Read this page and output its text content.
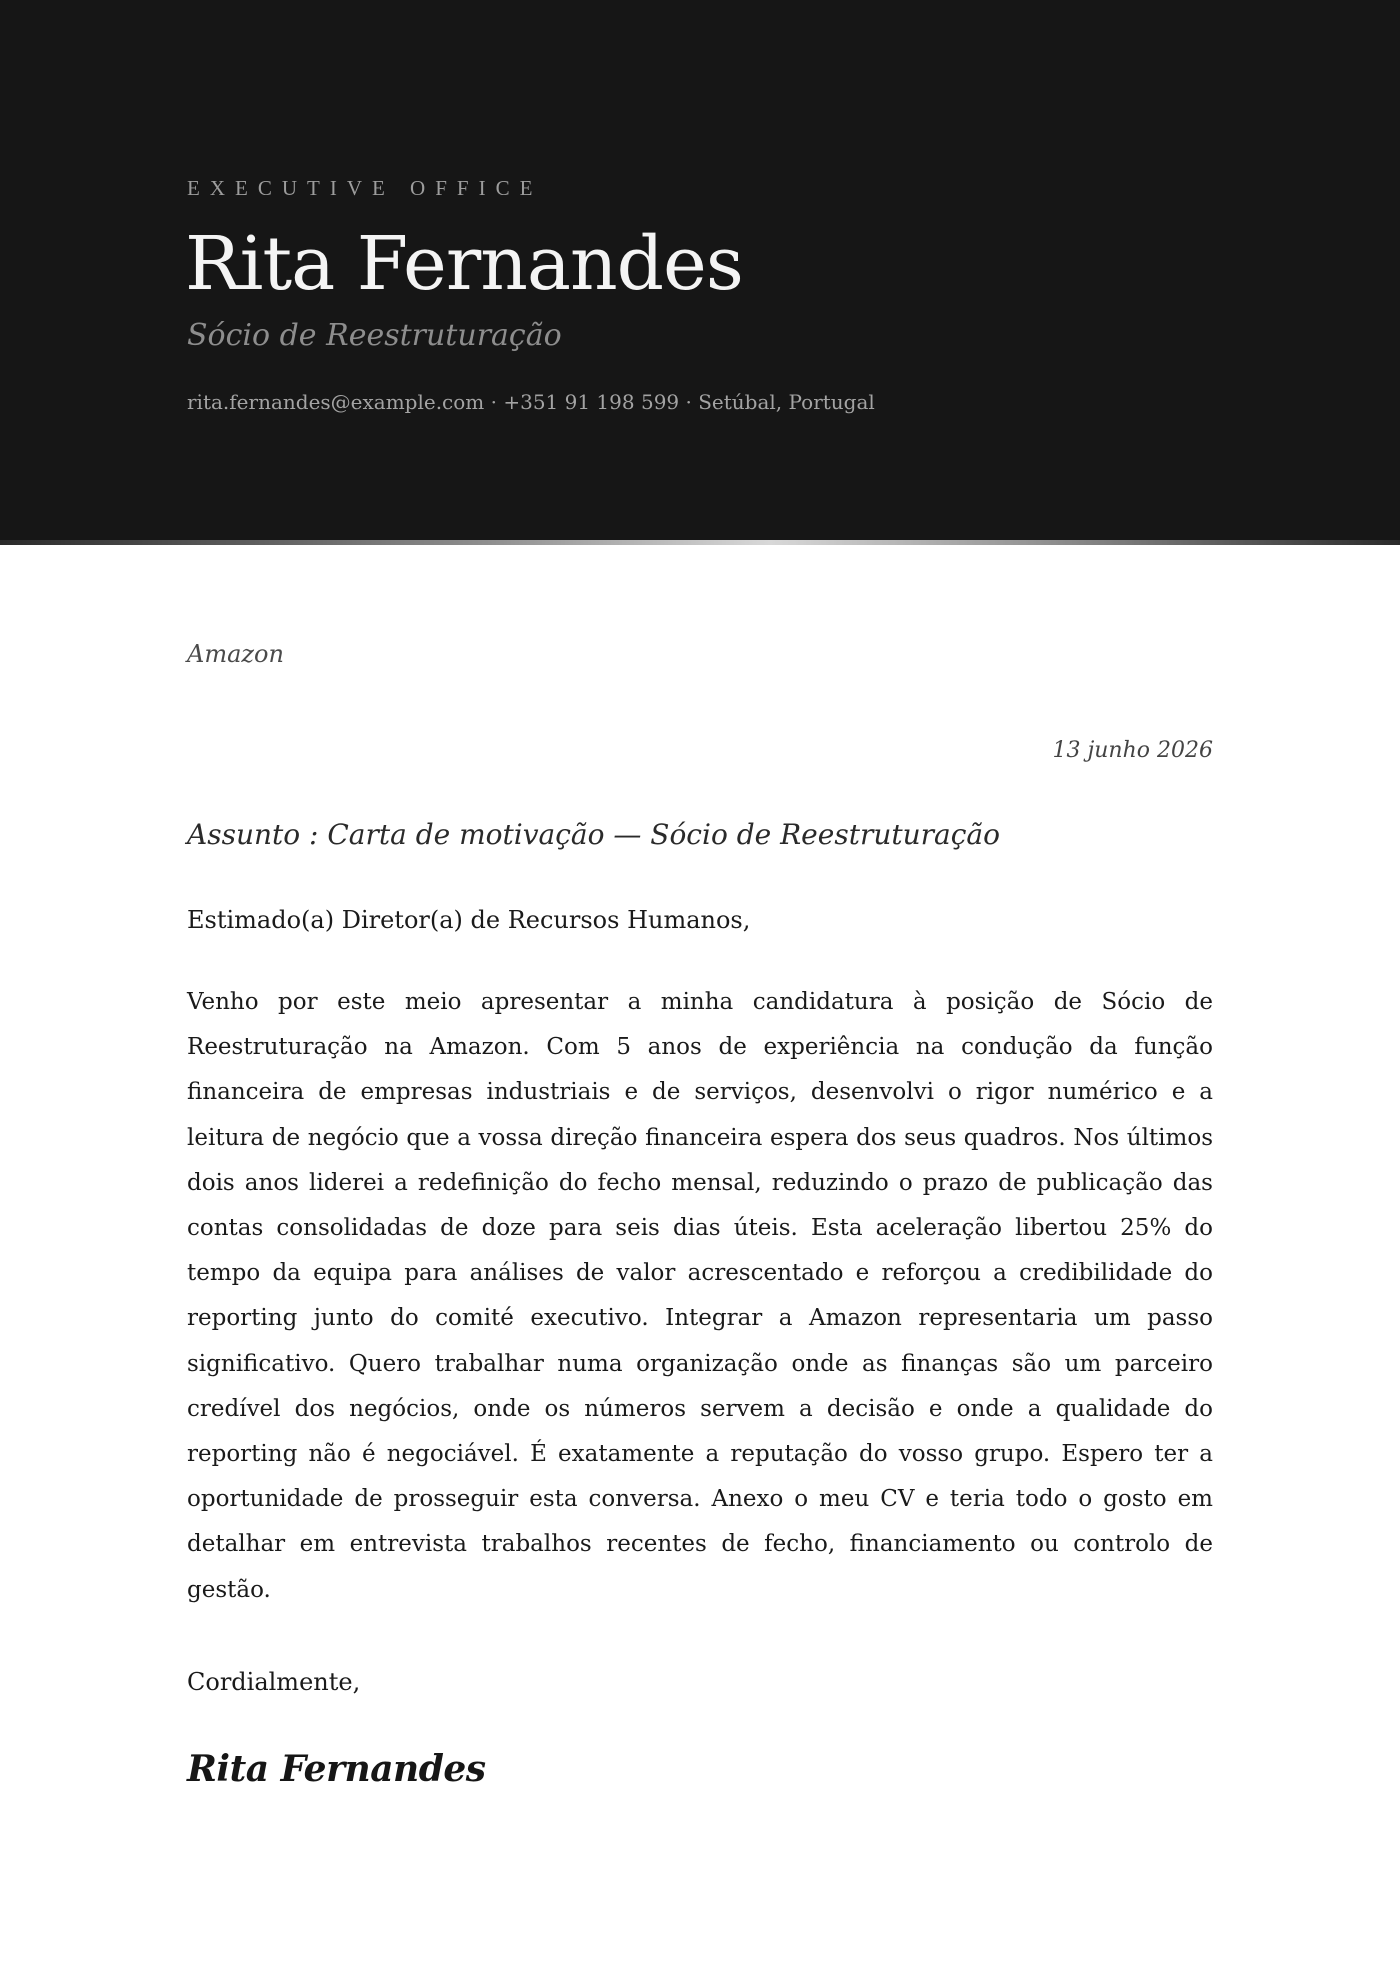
EXECUTIVE OFFICE
Rita Fernandes
Sócio de Reestruturação
rita.fernandes@example.com · +351 91 198 599 · Setúbal, Portugal
Amazon
13 junho 2026
Assunto : Carta de motivação — Sócio de Reestruturação
Estimado(a) Diretor(a) de Recursos Humanos,

Venho por este meio apresentar a minha candidatura à posição de Sócio de Reestruturação na Amazon. Com 5 anos de experiência na condução da função financeira de empresas industriais e de serviços, desenvolvi o rigor numérico e a leitura de negócio que a vossa direção financeira espera dos seus quadros. Nos últimos dois anos liderei a redefinição do fecho mensal, reduzindo o prazo de publicação das contas consolidadas de doze para seis dias úteis. Esta aceleração libertou 25% do tempo da equipa para análises de valor acrescentado e reforçou a credibilidade do reporting junto do comité executivo. Integrar a Amazon representaria um passo significativo. Quero trabalhar numa organização onde as finanças são um parceiro credível dos negócios, onde os números servem a decisão e onde a qualidade do reporting não é negociável. É exatamente a reputação do vosso grupo. Espero ter a oportunidade de prosseguir esta conversa. Anexo o meu CV e teria todo o gosto em detalhar em entrevista trabalhos recentes de fecho, financiamento ou controlo de gestão.

Cordialmente,
Rita Fernandes
